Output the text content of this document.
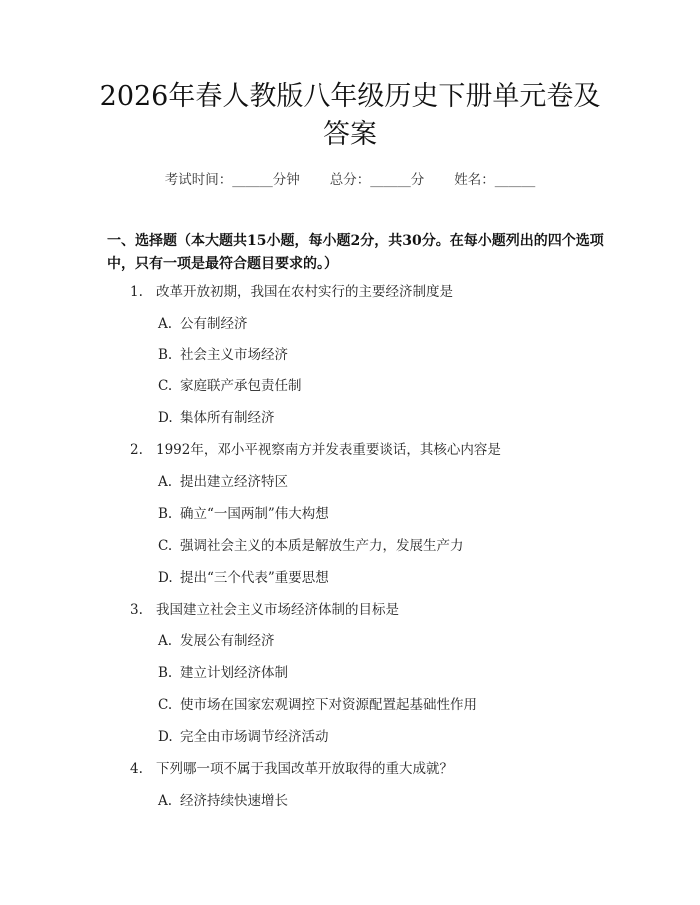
2026年春人教版八年级历史下册单元卷及答案
考试时间：______分钟 总分：______分 姓名：______
一、选择题（本大题共15小题，每小题2分，共30分。在每小题列出的四个选项中，只有一项是最符合题目要求的。）
1. 改革开放初期，我国在农村实行的主要经济制度是
A. 公有制经济
B. 社会主义市场经济
C. 家庭联产承包责任制
D. 集体所有制经济
2. 1992年，邓小平视察南方并发表重要谈话，其核心内容是
A. 提出建立经济特区
B. 确立“一国两制”伟大构想
C. 强调社会主义的本质是解放生产力，发展生产力
D. 提出“三个代表”重要思想
3. 我国建立社会主义市场经济体制的目标是
A. 发展公有制经济
B. 建立计划经济体制
C. 使市场在国家宏观调控下对资源配置起基础性作用
D. 完全由市场调节经济活动
4. 下列哪一项不属于我国改革开放取得的重大成就？
A. 经济持续快速增长
